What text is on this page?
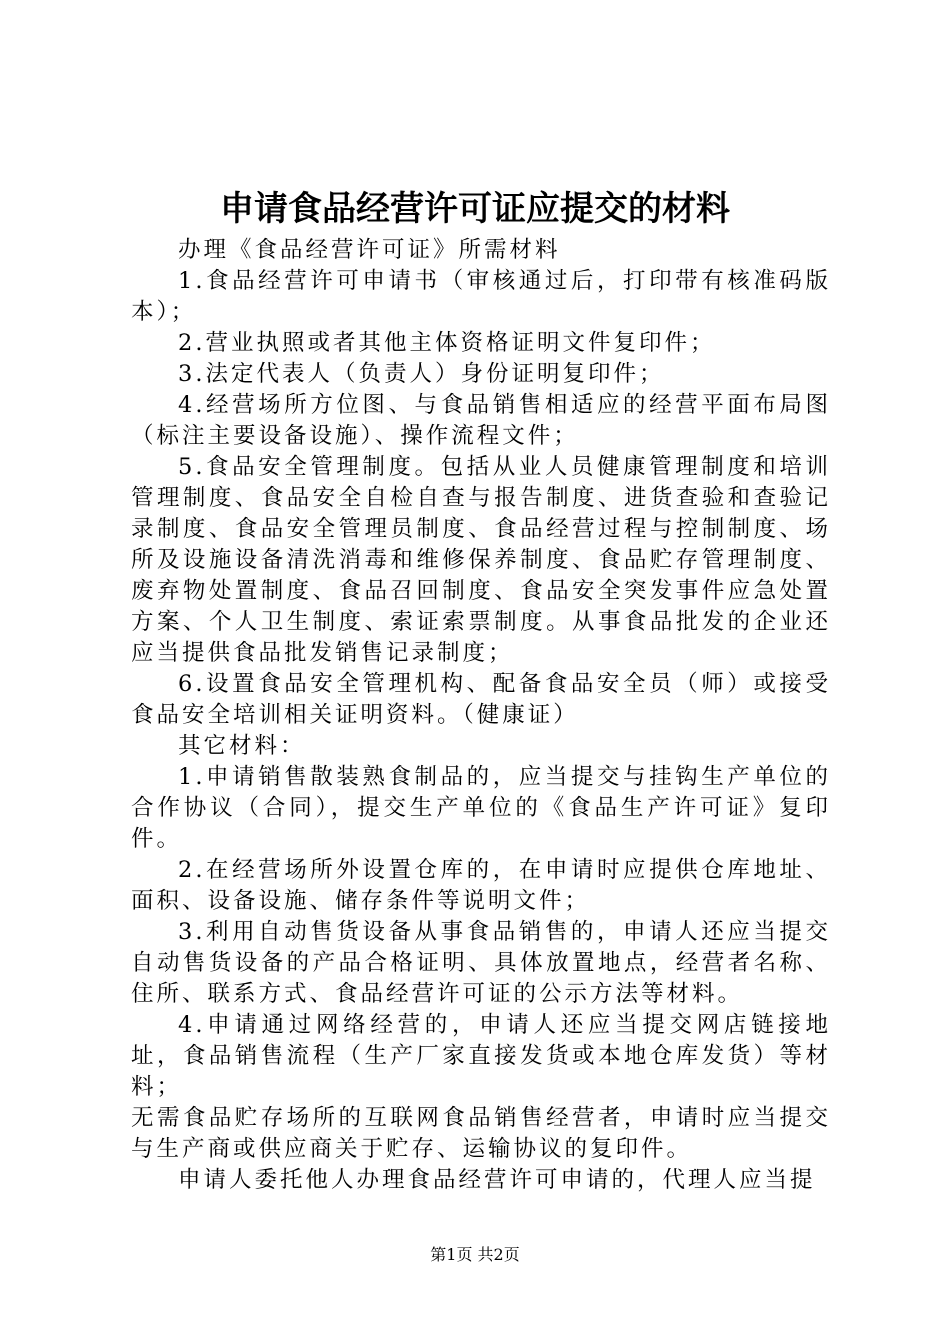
申请食品经营许可证应提交的材料

办理《食品经营许可证》所需材料

1.食品经营许可申请书（审核通过后，打印带有核准码版本）；

2.营业执照或者其他主体资格证明文件复印件；

3.法定代表人（负责人）身份证明复印件；

4.经营场所方位图、与食品销售相适应的经营平面布局图（标注主要设备设施）、操作流程文件；

5.食品安全管理制度。包括从业人员健康管理制度和培训管理制度、食品安全自检自查与报告制度、进货查验和查验记录制度、食品安全管理员制度、食品经营过程与控制制度、场所及设施设备清洗消毒和维修保养制度、食品贮存管理制度、废弃物处置制度、食品召回制度、食品安全突发事件应急处置方案、个人卫生制度、索证索票制度。从事食品批发的企业还应当提供食品批发销售记录制度；

6.设置食品安全管理机构、配备食品安全员（师）或接受食品安全培训相关证明资料。（健康证）

其它材料：

1.申请销售散装熟食制品的，应当提交与挂钩生产单位的合作协议（合同），提交生产单位的《食品生产许可证》复印件。

2.在经营场所外设置仓库的，在申请时应提供仓库地址、面积、设备设施、储存条件等说明文件；

3.利用自动售货设备从事食品销售的，申请人还应当提交自动售货设备的产品合格证明、具体放置地点，经营者名称、住所、联系方式、食品经营许可证的公示方法等材料。

4.申请通过网络经营的，申请人还应当提交网店链接地址，食品销售流程（生产厂家直接发货或本地仓库发货）等材料；

无需食品贮存场所的互联网食品销售经营者，申请时应当提交与生产商或供应商关于贮存、运输协议的复印件。

申请人委托他人办理食品经营许可申请的，代理人应当提

第1页 共2页
